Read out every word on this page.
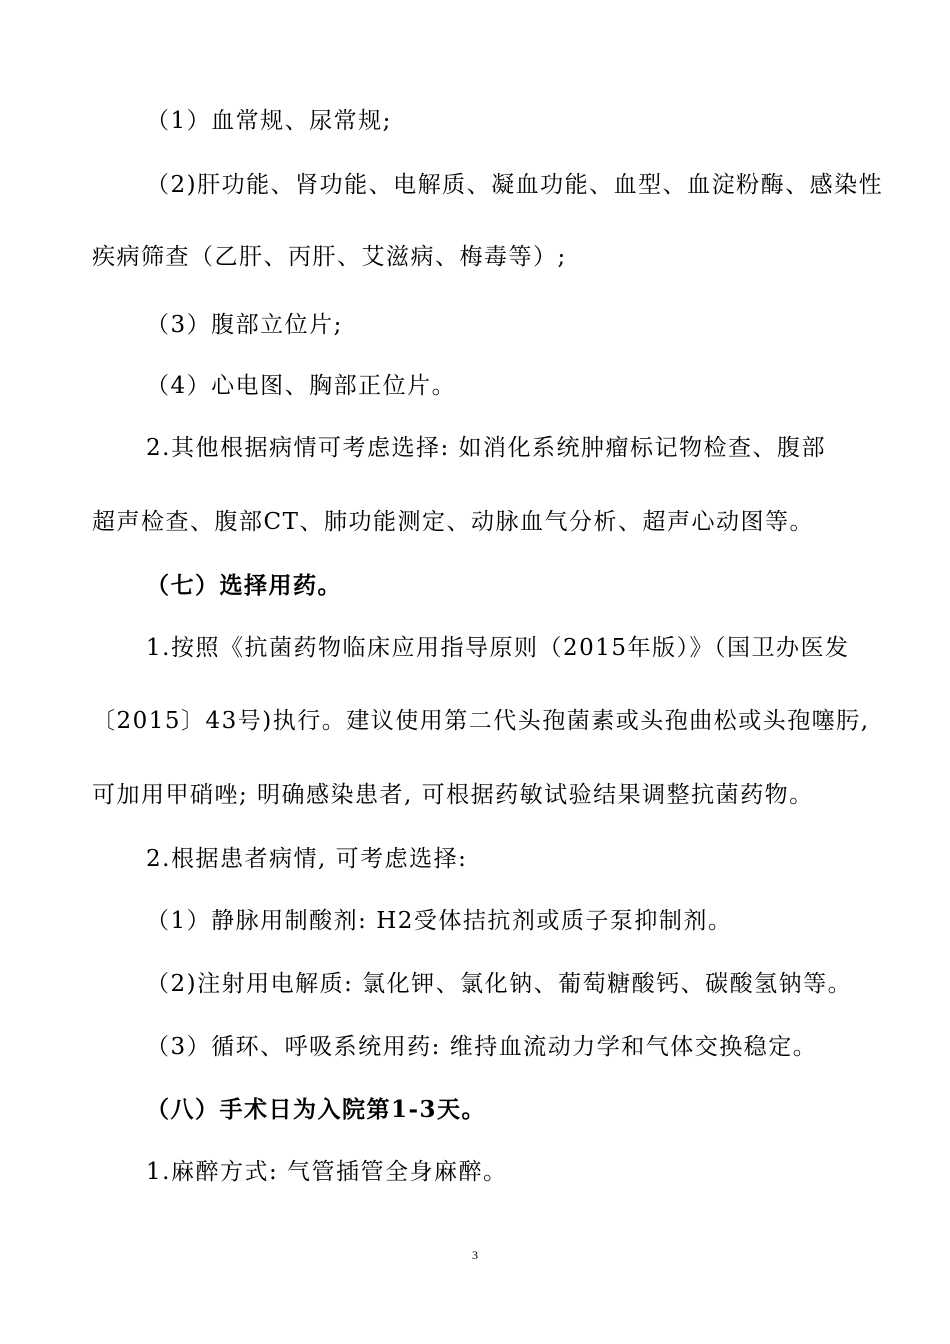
（1）血常规、尿常规;
（2)肝功能、肾功能、电解质、凝血功能、血型、血淀粉酶、感染性
疾病筛查（乙肝、丙肝、艾滋病、梅毒等）;
（3）腹部立位片;
（4）心电图、胸部正位片。
2.其他根据病情可考虑选择: 如消化系统肿瘤标记物检查、腹部
超声检查、腹部CT、肺功能测定、动脉血气分析、超声心动图等。
（七）选择用药。
1.按照《抗菌药物临床应用指导原则（2015年版）》（国卫办医发
〔2015〕43号)执行。建议使用第二代头孢菌素或头孢曲松或头孢噻肟,
可加用甲硝唑; 明确感染患者, 可根据药敏试验结果调整抗菌药物。
2.根据患者病情, 可考虑选择:
（1）静脉用制酸剂: H2受体拮抗剂或质子泵抑制剂。
（2)注射用电解质: 氯化钾、氯化钠、葡萄糖酸钙、碳酸氢钠等。
（3）循环、呼吸系统用药: 维持血流动力学和气体交换稳定。
（八）手术日为入院第1-3天。
1.麻醉方式: 气管插管全身麻醉。
3
